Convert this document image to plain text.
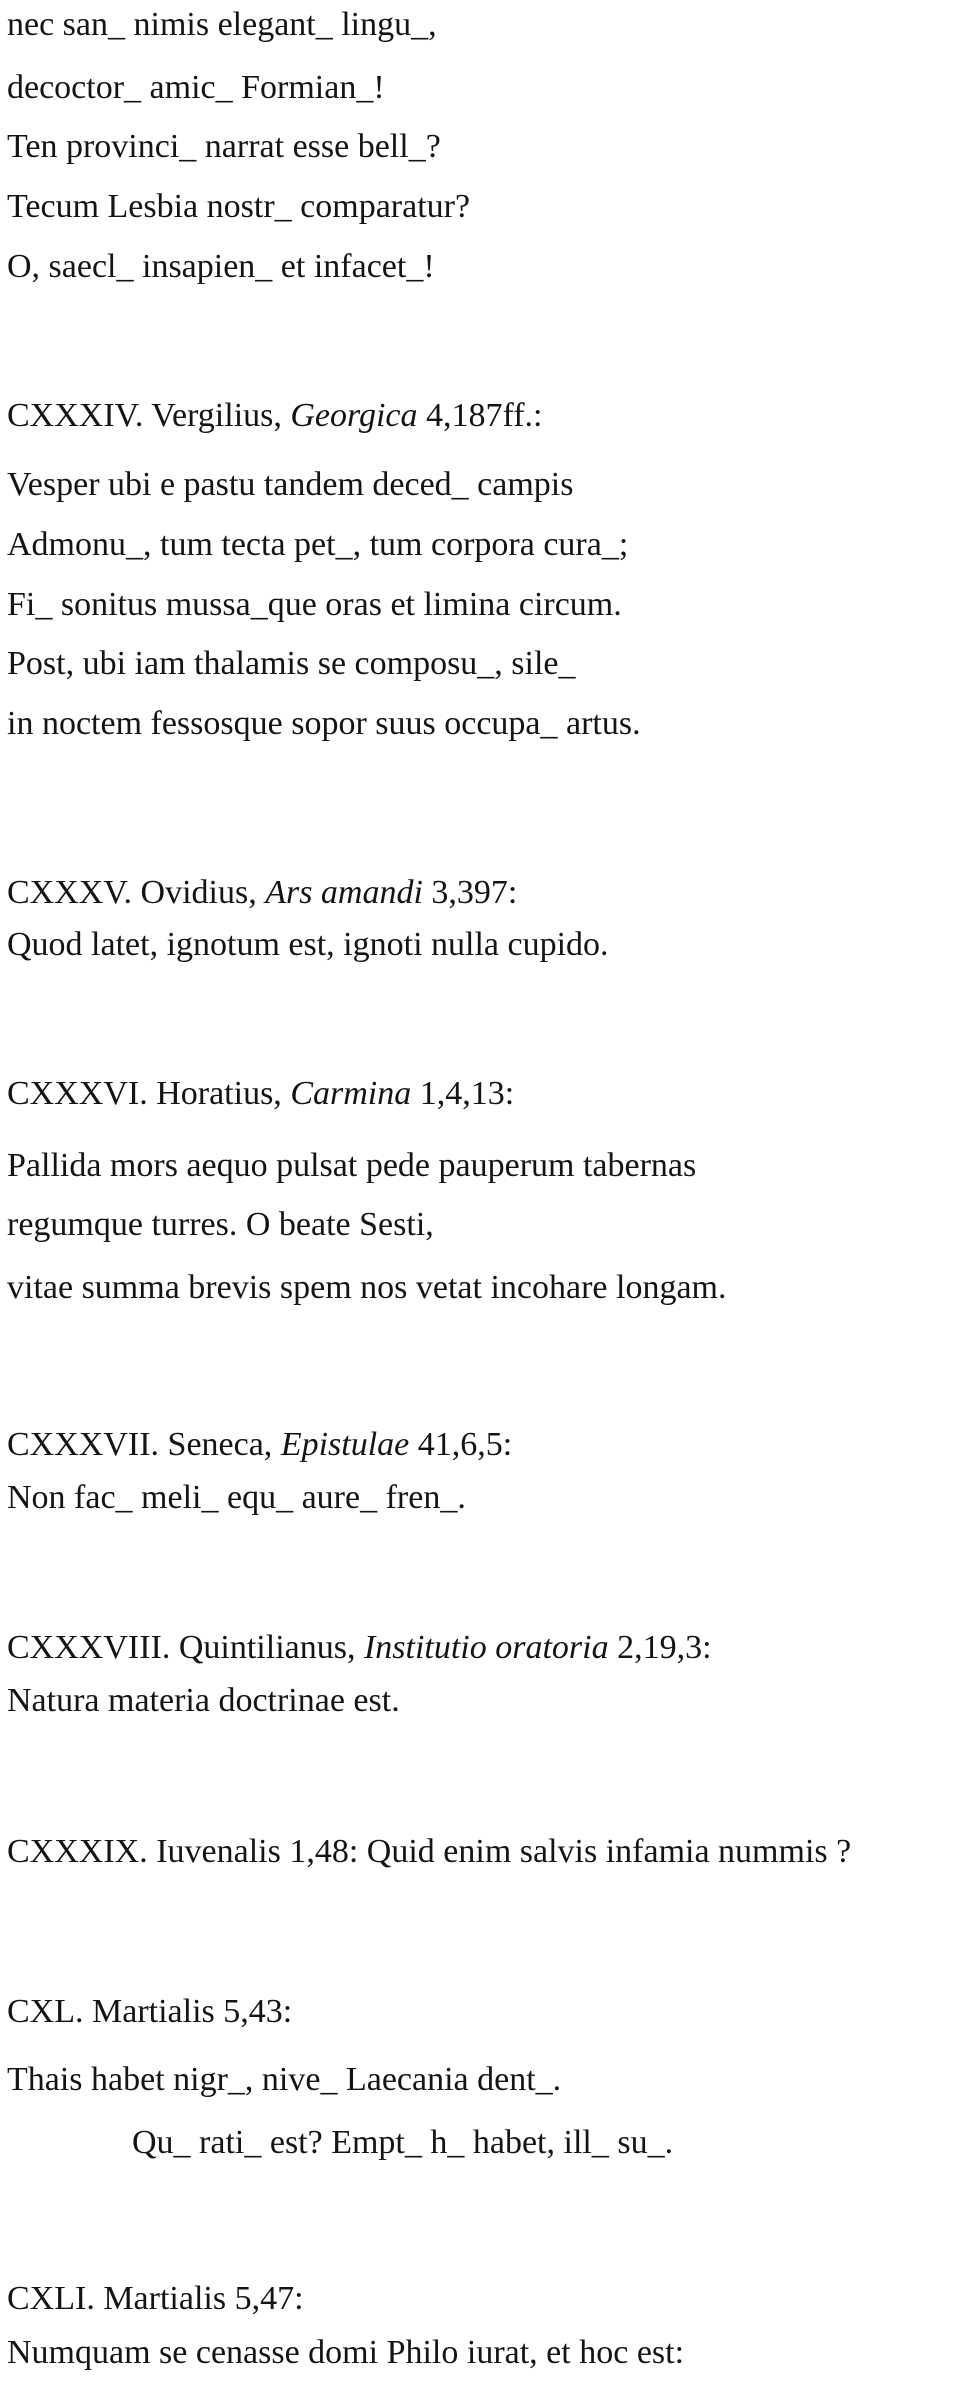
nec san_ nimis elegant_ lingu_,
decoctor_ amic_ Formian_!
Ten provinci_ narrat esse bell_?
Tecum Lesbia nostr_ comparatur?
O, saecl_ insapien_ et infacet_!
CXXXIV. Vergilius, Georgica 4,187ff.:
Vesper ubi e pastu tandem deced_ campis
Admonu_, tum tecta pet_, tum corpora cura_;
Fi_ sonitus mussa_que oras et limina circum.
Post, ubi iam thalamis se composu_, sile_
in noctem fessosque sopor suus occupa_ artus.
CXXXV. Ovidius, Ars amandi 3,397:
Quod latet, ignotum est, ignoti nulla cupido.
CXXXVI. Horatius, Carmina 1,4,13:
Pallida mors aequo pulsat pede pauperum tabernas
regumque turres. O beate Sesti,
vitae summa brevis spem nos vetat incohare longam.
CXXXVII. Seneca, Epistulae 41,6,5:
Non fac_ meli_ equ_ aure_ fren_.
CXXXVIII. Quintilianus, Institutio oratoria 2,19,3:
Natura materia doctrinae est.
CXXXIX. Iuvenalis 1,48: Quid enim salvis infamia nummis ?
CXL. Martialis 5,43:
Thais habet nigr_, nive_ Laecania dent_.
Qu_ rati_ est? Empt_ h_ habet, ill_ su_.
CXLI. Martialis 5,47:
Numquam se cenasse domi Philo iurat, et hoc est:
